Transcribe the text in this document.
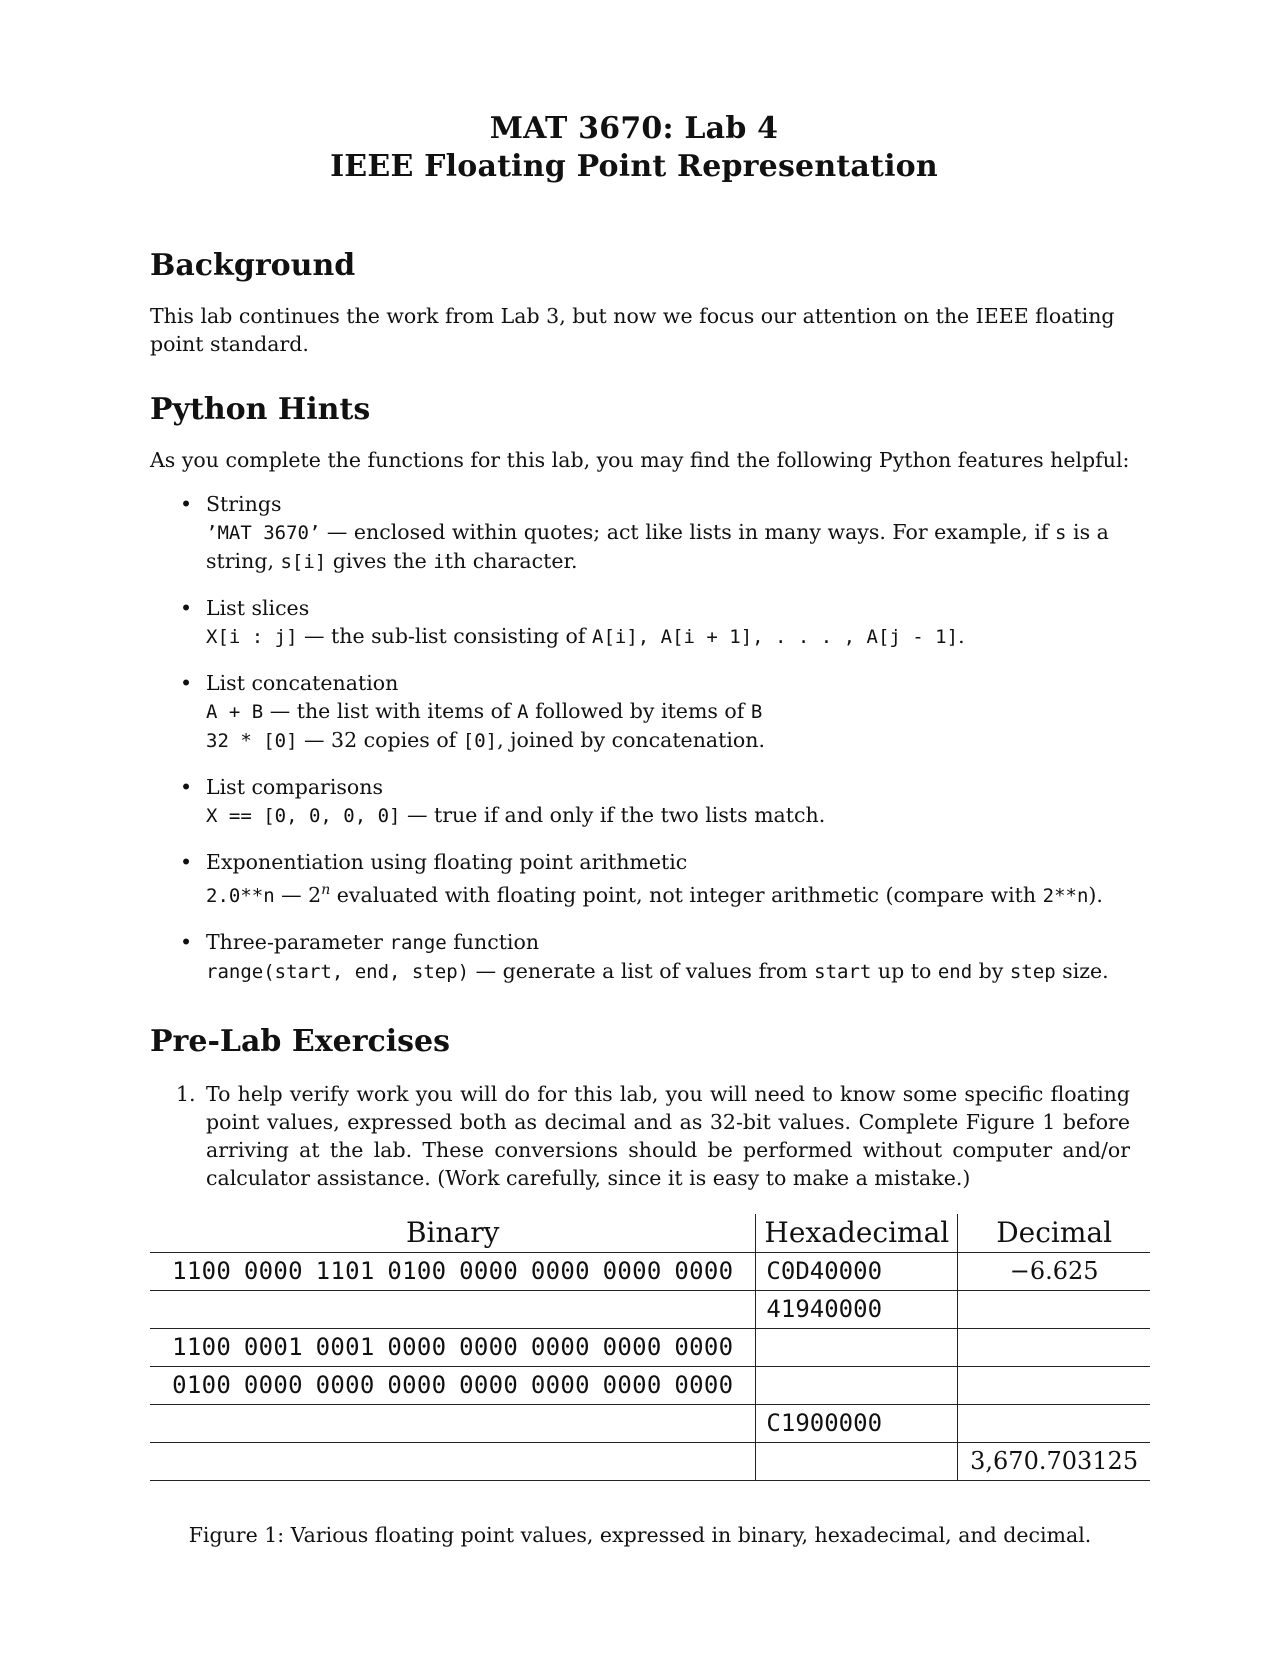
MAT 3670: Lab 4
IEEE Floating Point Representation
Background

This lab continues the work from Lab 3, but now we focus our attention on the IEEE floating point standard.

Python Hints

As you complete the functions for this lab, you may find the following Python features helpful:

• Strings
’MAT 3670’ — enclosed within quotes; act like lists in many ways. For example, if s is a string, s[i] gives the ith character.
• List slices
X[i : j] — the sub-list consisting of A[i], A[i + 1], . . . , A[j - 1].
• List concatenation
A + B — the list with items of A followed by items of B
32 * [0] — 32 copies of [0], joined by concatenation.
• List comparisons
X == [0, 0, 0, 0] — true if and only if the two lists match.
• Exponentiation using floating point arithmetic
2.0**n — 2$^n$ evaluated with floating point, not integer arithmetic (compare with 2**n).
• Three-parameter range function
range(start, end, step) — generate a list of values from start up to end by step size.
Pre-Lab Exercises
1. To help verify work you will do for this lab, you will need to know some specific floating point values, expressed both as decimal and as 32-bit values. Complete Figure 1 before arriving at the lab. These conversions should be performed without computer and/or calculator assistance. (Work carefully, since it is easy to make a mistake.)
Binary	Hexadecimal	Decimal
1100 0000 1101 0100 0000 0000 0000 0000	C0D40000	−6.625
	41940000	
1100 0001 0001 0000 0000 0000 0000 0000		
0100 0000 0000 0000 0000 0000 0000 0000		
	C1900000	
		3,670.703125
Figure 1: Various floating point values, expressed in binary, hexadecimal, and decimal.
